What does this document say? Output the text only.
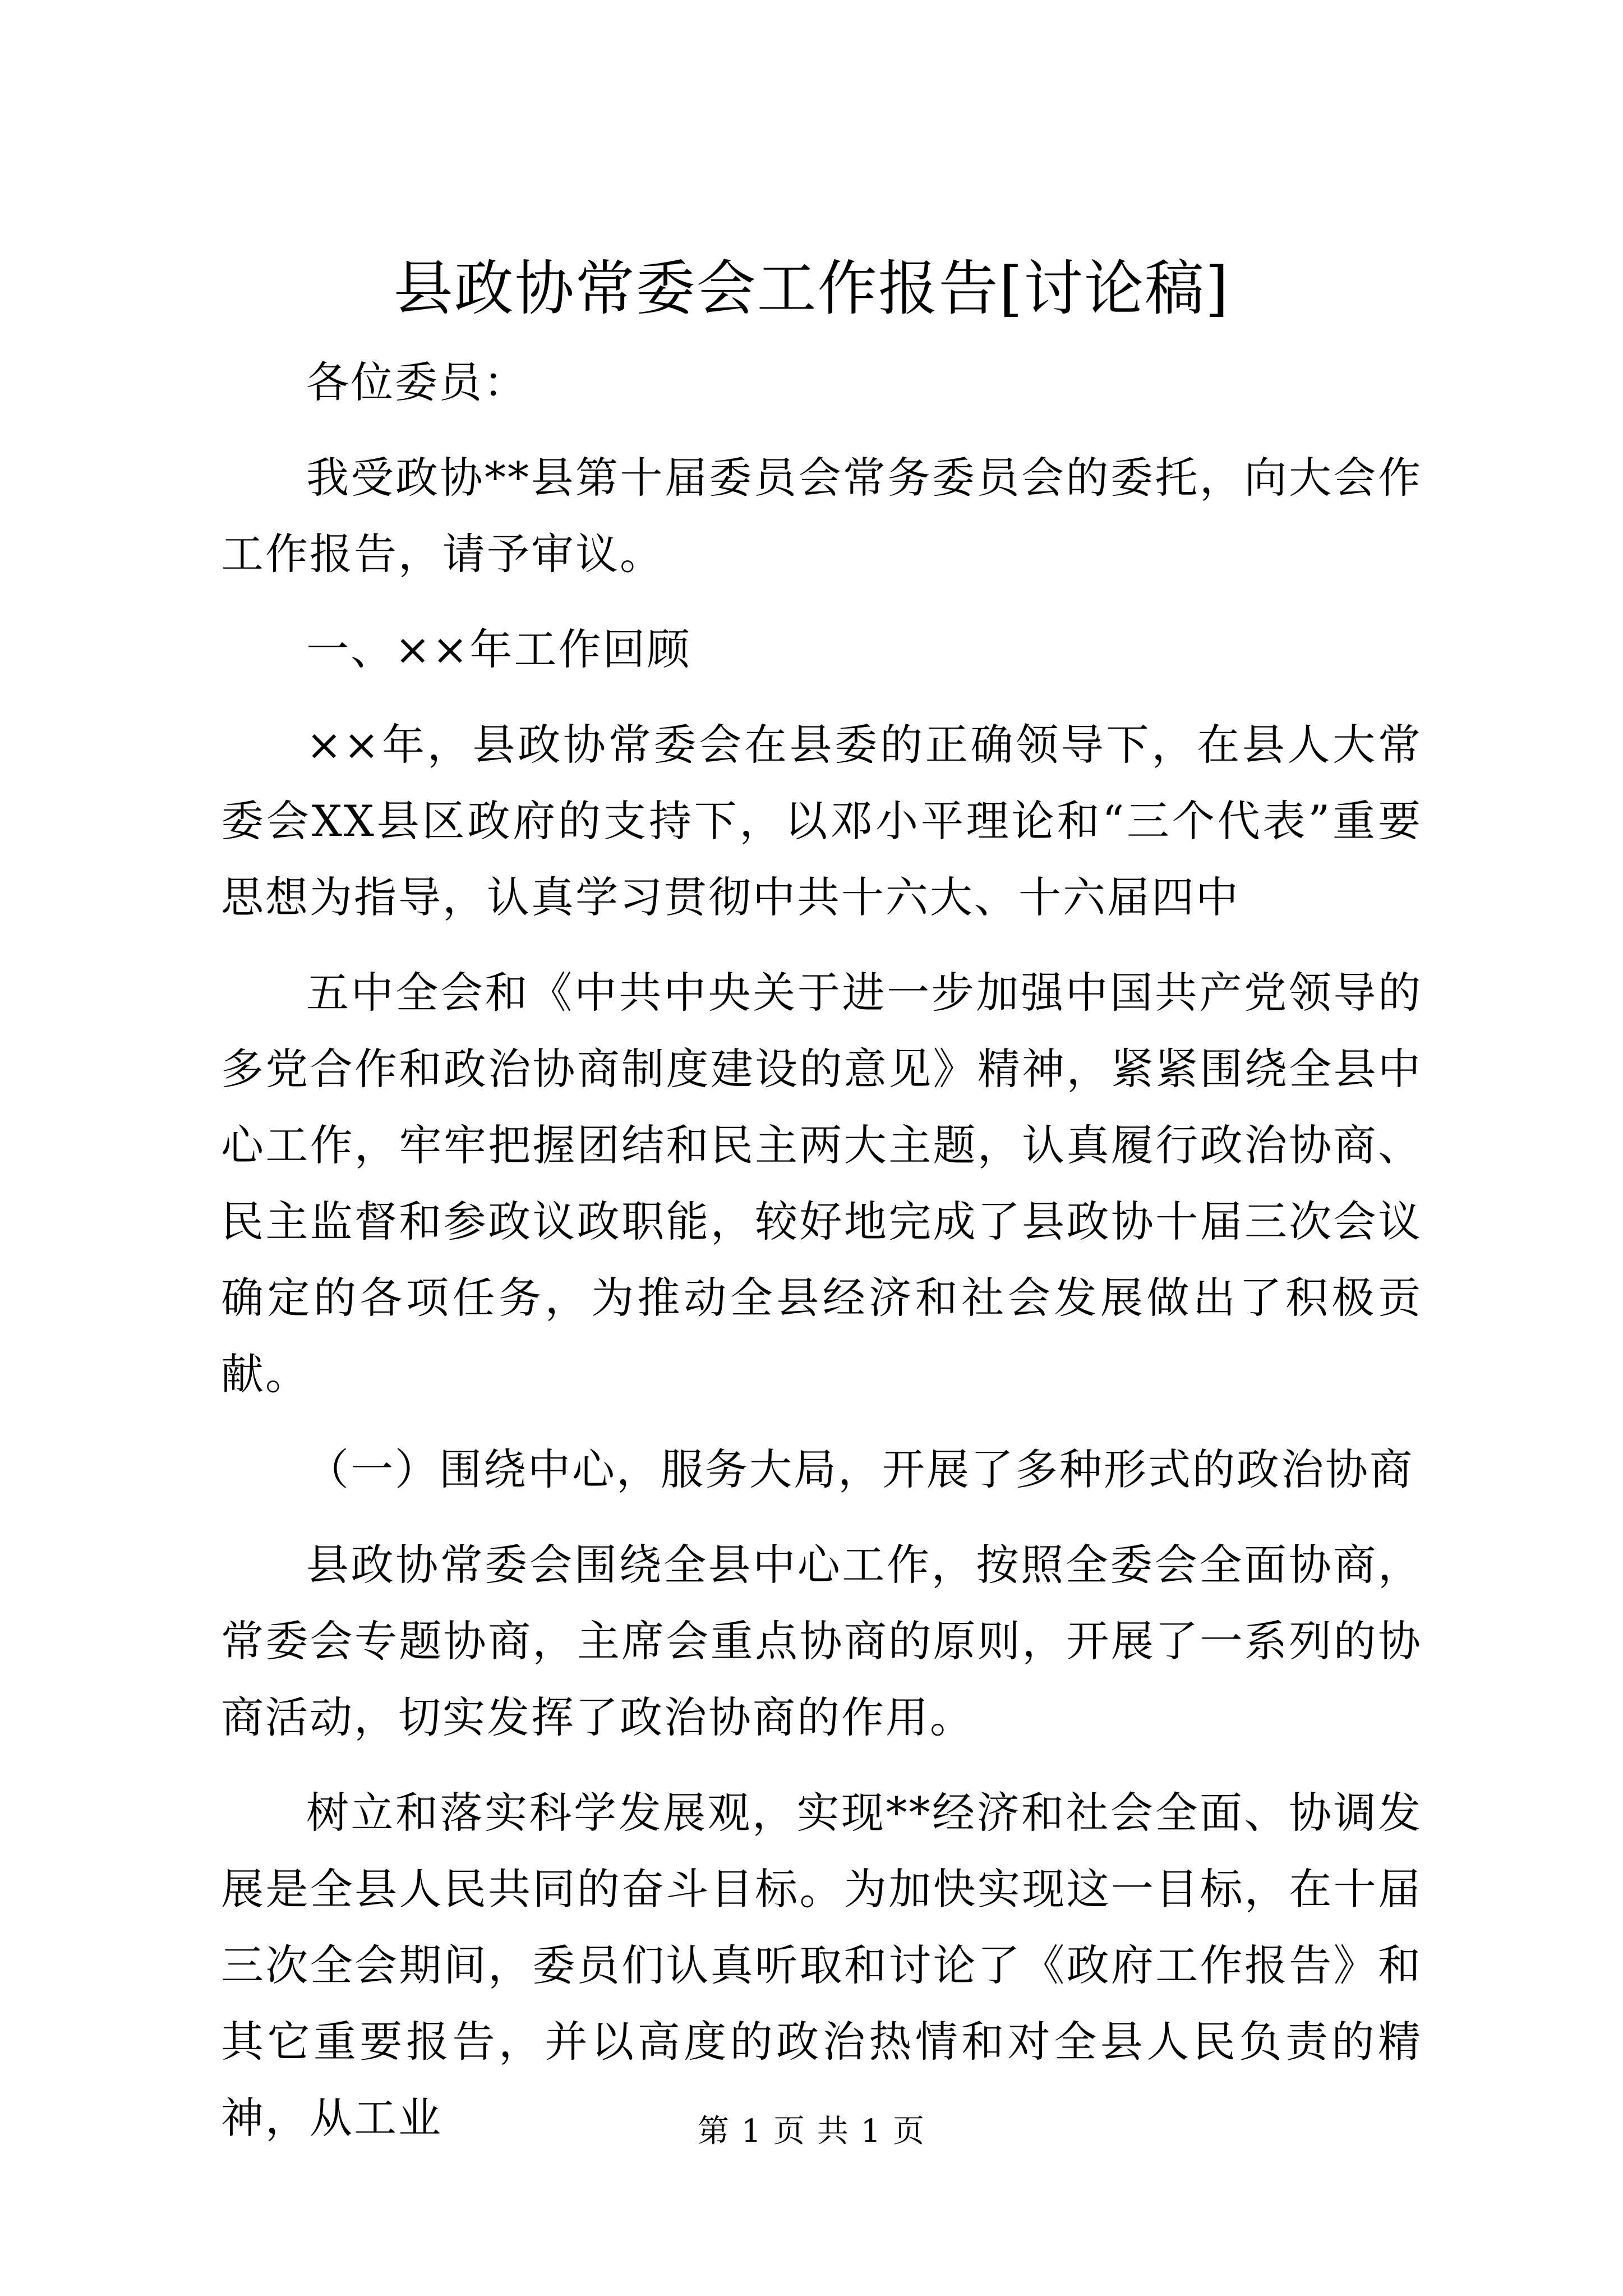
县政协常委会工作报告[讨论稿]

各位委员：

我受政协**县第十届委员会常务委员会的委托，向大会作工作报告，请予审议。

一、××年工作回顾

××年，县政协常委会在县委的正确领导下，在县人大常委会XX县区政府的支持下，以邓小平理论和“三个代表”重要思想为指导，认真学习贯彻中共十六大、十六届四中

五中全会和《中共中央关于进一步加强中国共产党领导的多党合作和政治协商制度建设的意见》精神，紧紧围绕全县中心工作，牢牢把握团结和民主两大主题，认真履行政治协商、民主监督和参政议政职能，较好地完成了县政协十届三次会议确定的各项任务，为推动全县经济和社会发展做出了积极贡献。

（一）围绕中心，服务大局，开展了多种形式的政治协商

县政协常委会围绕全县中心工作，按照全委会全面协商，常委会专题协商，主席会重点协商的原则，开展了一系列的协商活动，切实发挥了政治协商的作用。

树立和落实科学发展观，实现**经济和社会全面、协调发展是全县人民共同的奋斗目标。为加快实现这一目标，在十届三次全会期间，委员们认真听取和讨论了《政府工作报告》和其它重要报告，并以高度的政治热情和对全县人民负责的精神，从工业	第 1 页 共 1 页
